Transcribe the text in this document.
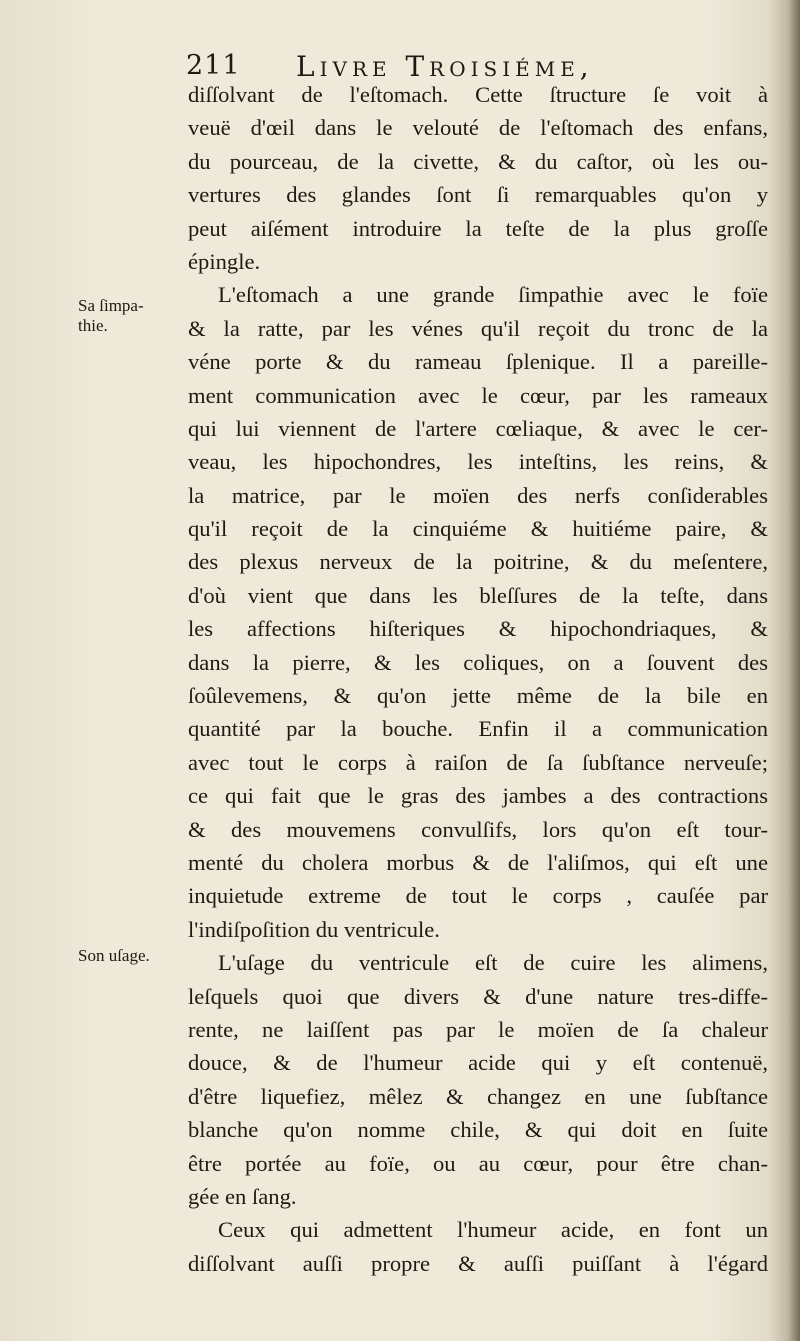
211 Livre Troisiéme,
Sa ſimpa-
thie.
Son uſage.
diſſolvant de l'eſtomach. Cette ſtructure ſe voit à
veuë d'œil dans le velouté de l'eſtomach des enfans,
du pourceau, de la civette, & du caſtor, où les ou-
vertures des glandes ſont ſi remarquables qu'on y
peut aiſément introduire la teſte de la plus groſſe
épingle.
L'eſtomach a une grande ſimpathie avec le foïe
& la ratte, par les vénes qu'il reçoit du tronc de la
véne porte & du rameau ſplenique. Il a pareille-
ment communication avec le cœur, par les rameaux
qui lui viennent de l'artere cœliaque, & avec le cer-
veau, les hipochondres, les inteſtins, les reins, &
la matrice, par le moïen des nerfs conſiderables
qu'il reçoit de la cinquiéme & huitiéme paire, &
des plexus nerveux de la poitrine, & du meſentere,
d'où vient que dans les bleſſures de la teſte, dans
les affections hiſteriques & hipochondriaques, &
dans la pierre, & les coliques, on a ſouvent des
ſoûlevemens, & qu'on jette même de la bile en
quantité par la bouche. Enfin il a communication
avec tout le corps à raiſon de ſa ſubſtance nerveuſe;
ce qui fait que le gras des jambes a des contractions
& des mouvemens convulſifs, lors qu'on eſt tour-
menté du cholera morbus & de l'aliſmos, qui eſt une
inquietude extreme de tout le corps , cauſée par
l'indiſpoſition du ventricule.
L'uſage du ventricule eſt de cuire les alimens,
leſquels quoi que divers & d'une nature tres-diffe-
rente, ne laiſſent pas par le moïen de ſa chaleur
douce, & de l'humeur acide qui y eſt contenuë,
d'être liquefiez, mêlez & changez en une ſubſtance
blanche qu'on nomme chile, & qui doit en ſuite
être portée au foïe, ou au cœur, pour être chan-
gée en ſang.
Ceux qui admettent l'humeur acide, en font un
diſſolvant auſſi propre & auſſi puiſſant à l'égard
